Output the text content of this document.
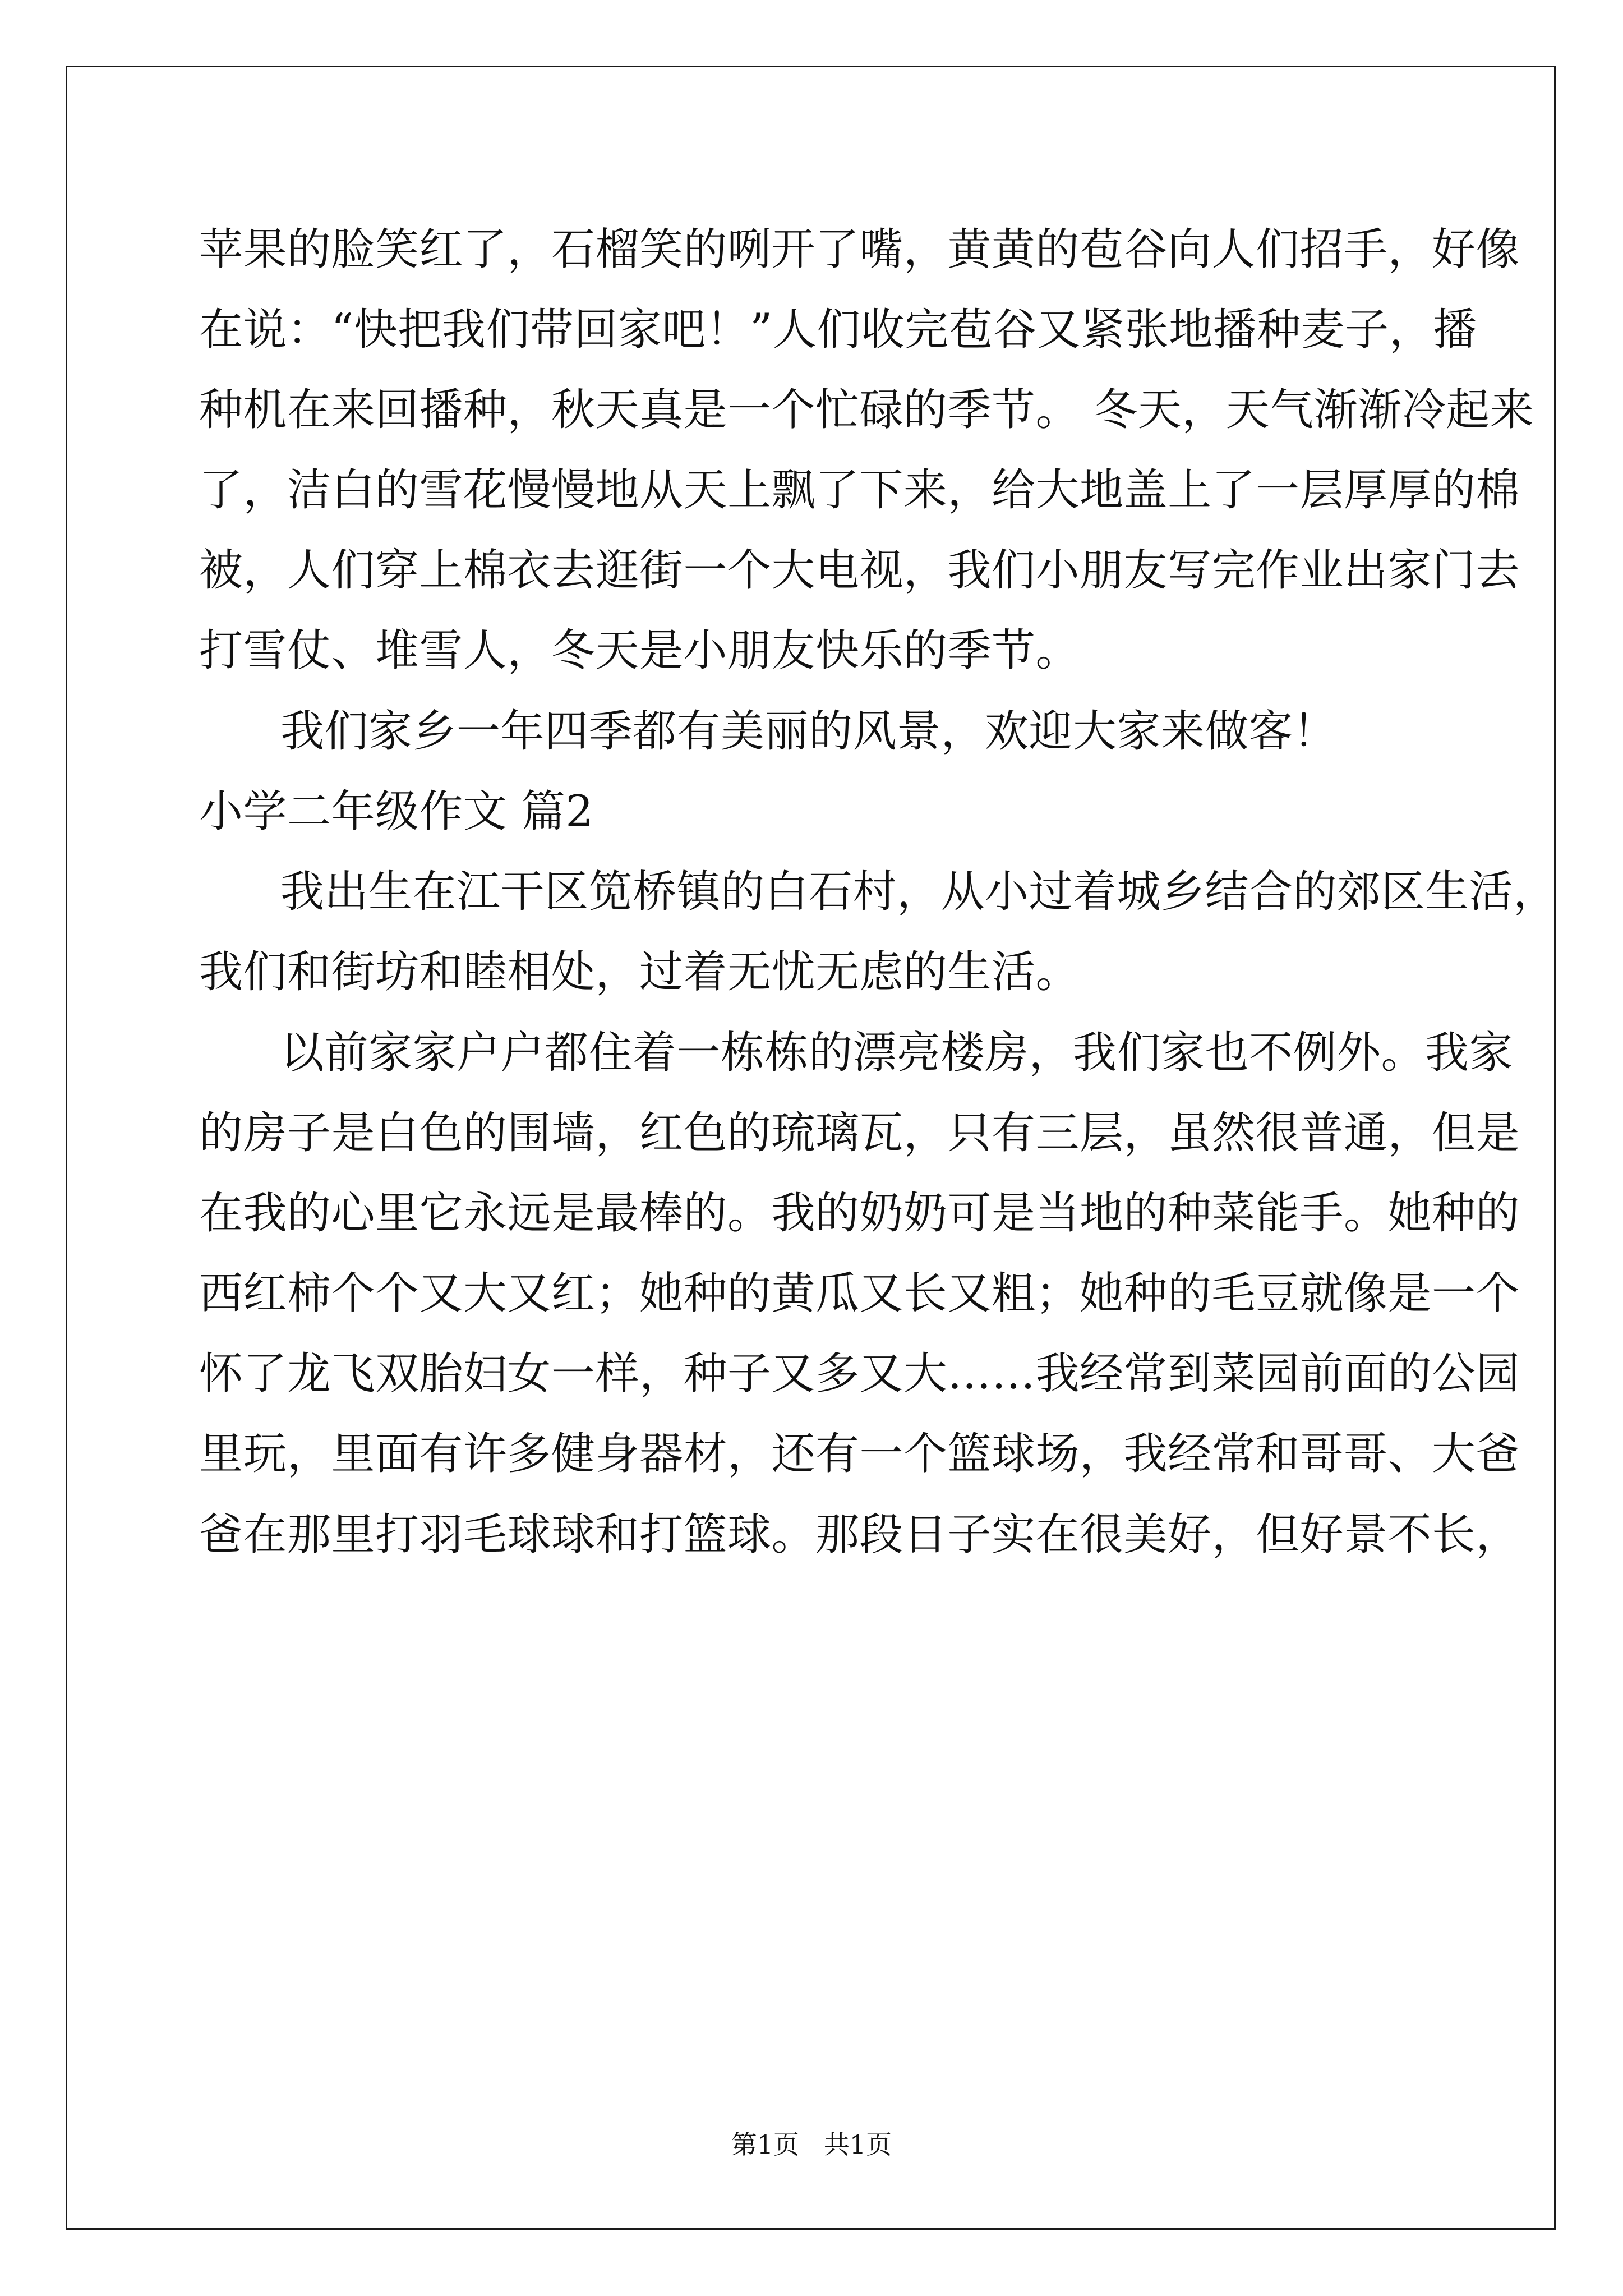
苹果的脸笑红了，石榴笑的咧开了嘴，黄黄的苞谷向人们招手，好像
在说：“快把我们带回家吧！”人们收完苞谷又紧张地播种麦子，播
种机在来回播种，秋天真是一个忙碌的季节。 冬天，天气渐渐冷起来
了，洁白的雪花慢慢地从天上飘了下来，给大地盖上了一层厚厚的棉
被，人们穿上棉衣去逛街一个大电视，我们小朋友写完作业出家门去
打雪仗、堆雪人，冬天是小朋友快乐的季节。
我们家乡一年四季都有美丽的风景，欢迎大家来做客！
小学二年级作文 篇2
我出生在江干区笕桥镇的白石村，从小过着城乡结合的郊区生活，
我们和街坊和睦相处，过着无忧无虑的生活。
以前家家户户都住着一栋栋的漂亮楼房，我们家也不例外。我家
的房子是白色的围墙，红色的琉璃瓦，只有三层，虽然很普通，但是
在我的心里它永远是最棒的。我的奶奶可是当地的种菜能手。她种的
西红柿个个又大又红；她种的黄瓜又长又粗；她种的毛豆就像是一个
怀了龙飞双胎妇女一样，种子又多又大……我经常到菜园前面的公园
里玩，里面有许多健身器材，还有一个篮球场，我经常和哥哥、大爸
爸在那里打羽毛球球和打篮球。那段日子实在很美好，但好景不长，
第1页   共1页
